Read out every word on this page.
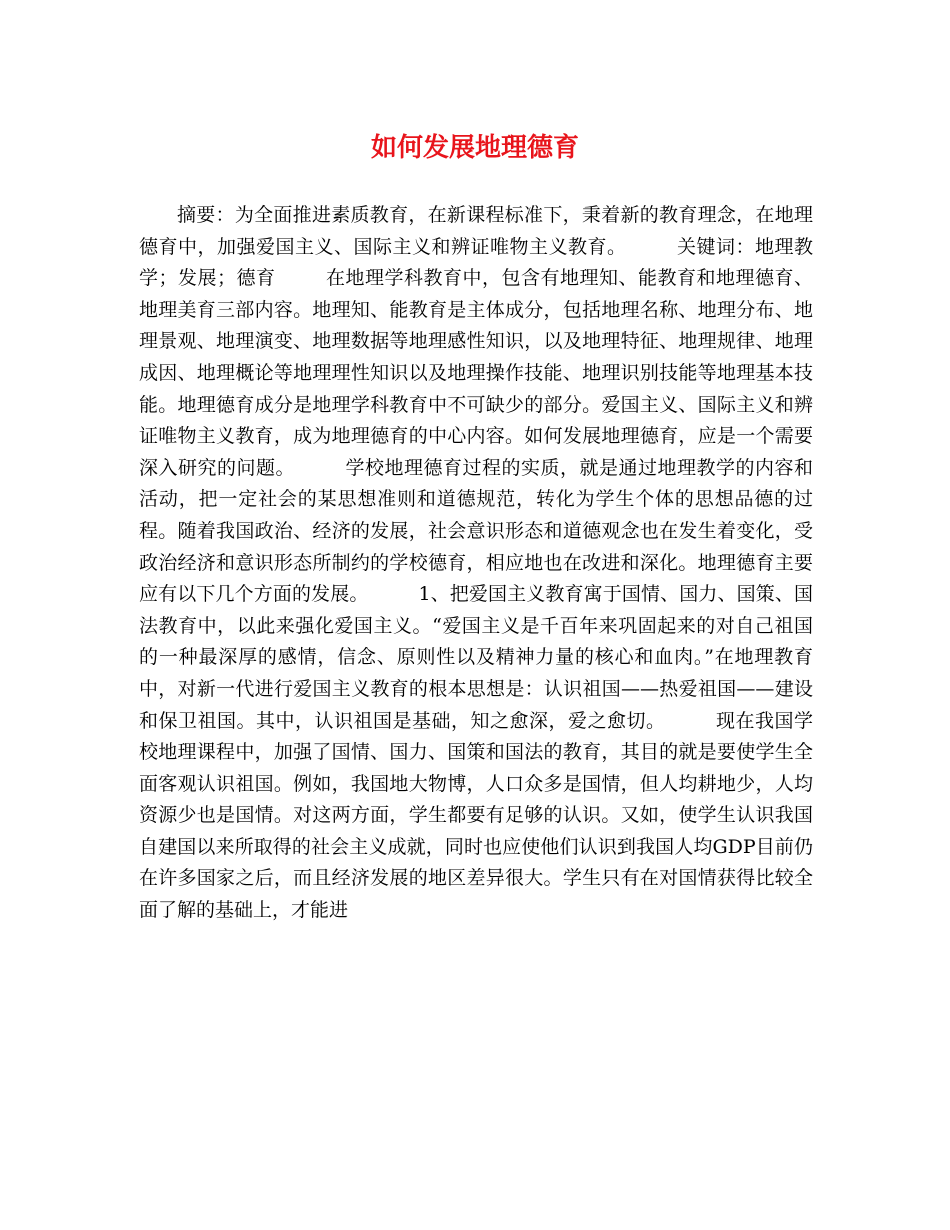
如何发展地理德育

摘要：为全面推进素质教育，在新课程标准下，秉着新的教育理念，在地理德育中，加强爱国主义、国际主义和辨证唯物主义教育。	关键词：地理教学；发展；德育	在地理学科教育中，包含有地理知、能教育和地理德育、地理美育三部内容。地理知、能教育是主体成分，包括地理名称、地理分布、地理景观、地理演变、地理数据等地理感性知识，以及地理特征、地理规律、地理成因、地理概论等地理理性知识以及地理操作技能、地理识别技能等地理基本技能。地理德育成分是地理学科教育中不可缺少的部分。爱国主义、国际主义和辨证唯物主义教育，成为地理德育的中心内容。如何发展地理德育，应是一个需要深入研究的问题。	学校地理德育过程的实质，就是通过地理教学的内容和活动，把一定社会的某思想准则和道德规范，转化为学生个体的思想品德的过程。随着我国政治、经济的发展，社会意识形态和道德观念也在发生着变化，受政治经济和意识形态所制约的学校德育，相应地也在改进和深化。地理德育主要应有以下几个方面的发展。	1、把爱国主义教育寓于国情、国力、国策、国法教育中，以此来强化爱国主义。“爱国主义是千百年来巩固起来的对自己祖国的一种最深厚的感情，信念、原则性以及精神力量的核心和血肉。”在地理教育中，对新一代进行爱国主义教育的根本思想是：认识祖国——热爱祖国——建设和保卫祖国。其中，认识祖国是基础，知之愈深，爱之愈切。	现在我国学校地理课程中，加强了国情、国力、国策和国法的教育，其目的就是要使学生全面客观认识祖国。例如，我国地大物博，人口众多是国情，但人均耕地少，人均资源少也是国情。对这两方面，学生都要有足够的认识。又如，使学生认识我国自建国以来所取得的社会主义成就，同时也应使他们认识到我国人均GDP目前仍在许多国家之后，而且经济发展的地区差异很大。学生只有在对国情获得比较全面了解的基础上，才能进
